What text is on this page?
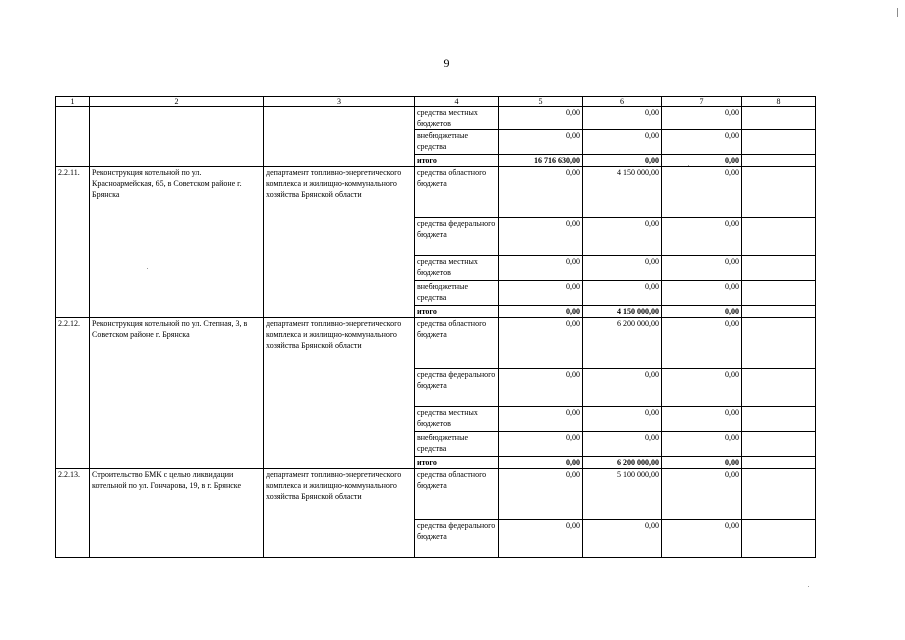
9
1	2	3	4	5	6	7	8
			средства местных бюджетов	0,00	0,00	0,00	
			внебюджетные средства	0,00	0,00	0,00	
			итого	16 716 630,00	0,00	0,00	
2.2.11.	Реконструкция котельной по ул. Красноармейская, 65, в Советском районе г. Брянска	департамент топливно-энергетического комплекса и жилищно-коммунального хозяйства Брянской области	средства областного бюджета	0,00	4 150 000,00	0,00	
			средства федерального бюджета	0,00	0,00	0,00	
			средства местных бюджетов	0,00	0,00	0,00	
			внебюджетные средства	0,00	0,00	0,00	
			итого	0,00	4 150 000,00	0,00	
2.2.12.	Реконструкция котельной по ул. Степная, 3, в Советском районе г. Брянска	департамент топливно-энергетического комплекса и жилищно-коммунального хозяйства Брянской области	средства областного бюджета	0,00	6 200 000,00	0,00	
			средства федерального бюджета	0,00	0,00	0,00	
			средства местных бюджетов	0,00	0,00	0,00	
			внебюджетные средства	0,00	0,00	0,00	
			итого	0,00	6 200 000,00	0,00	
2.2.13.	Строительство БМК с целью ликвидации котельной по ул. Гончарова, 19, в г. Брянске	департамент топливно-энергетического комплекса и жилищно-коммунального хозяйства Брянской области	средства областного бюджета	0,00	5 100 000,00	0,00	
			средства федерального бюджета	0,00	0,00	0,00	
